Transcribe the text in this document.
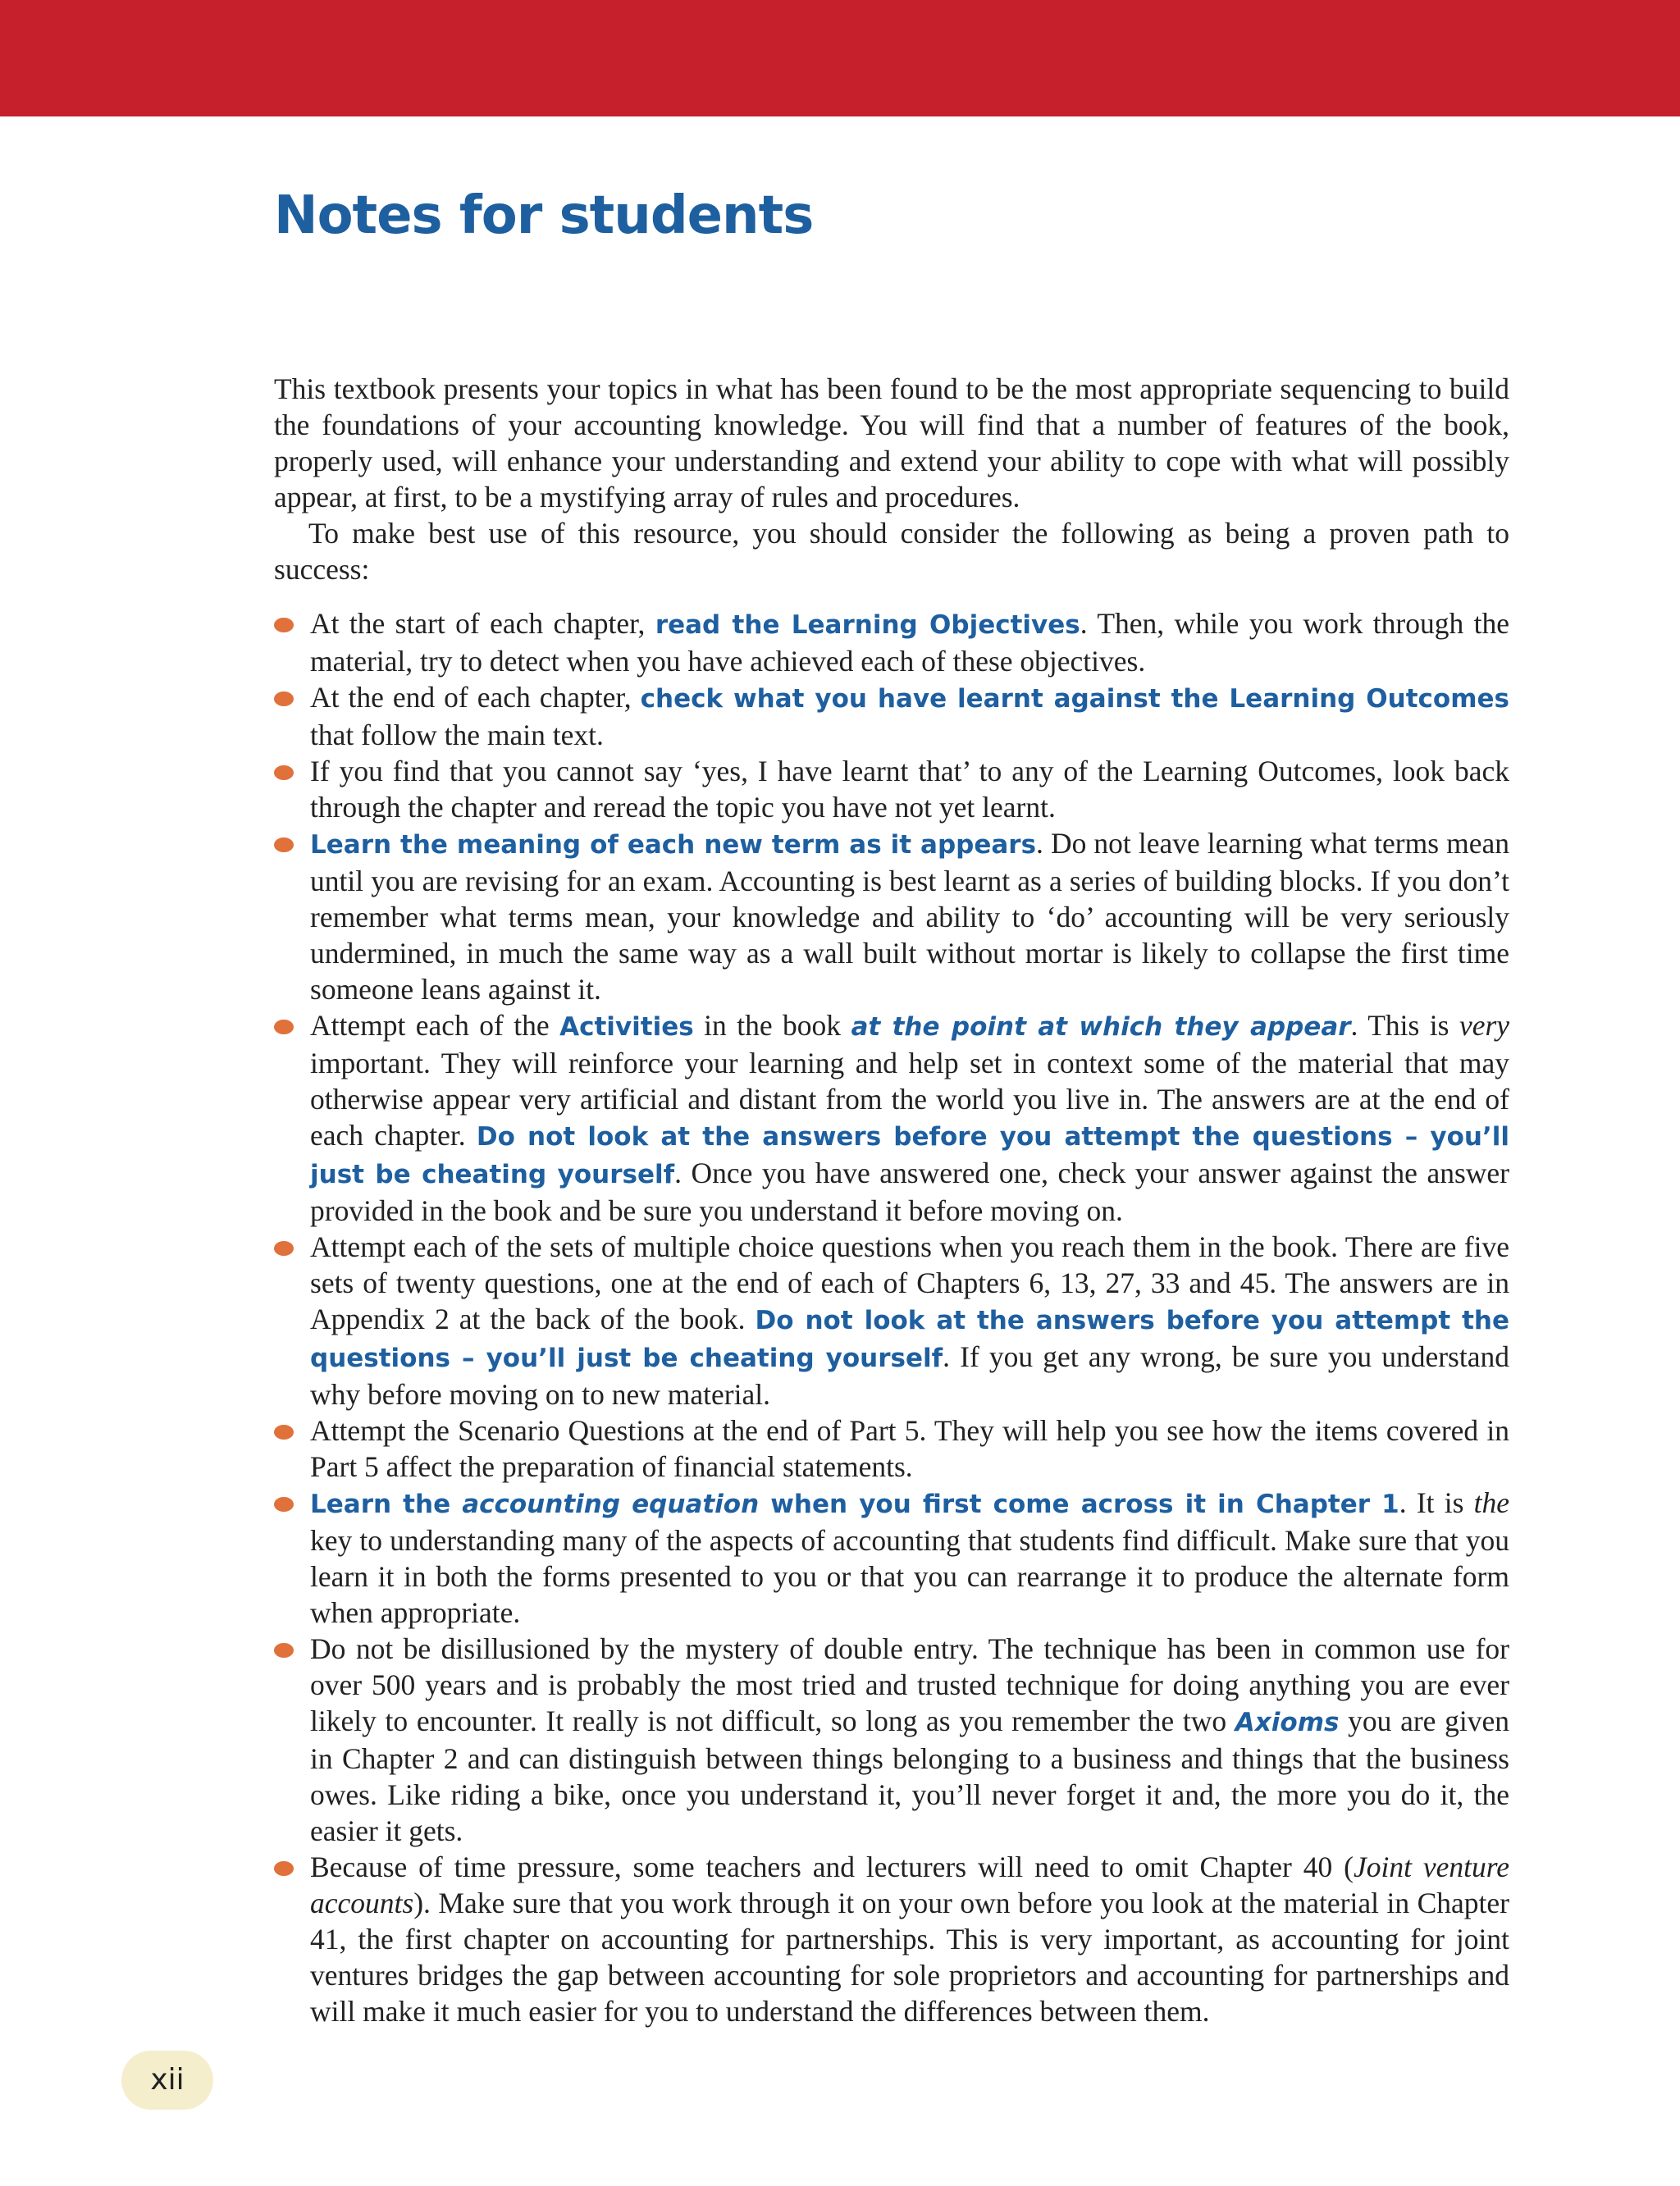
Notes for students

This textbook presents your topics in what has been found to be the most appropriate sequencing to build the foundations of your accounting knowledge. You will find that a number of features of the book, properly used, will enhance your understanding and extend your ability to cope with what will possibly appear, at first, to be a mystifying array of rules and procedures.

To make best use of this resource, you should consider the following as being a proven path to success:

At the start of each chapter, read the Learning Objectives. Then, while you work through the material, try to detect when you have achieved each of these objectives.
At the end of each chapter, check what you have learnt against the Learning Outcomes that follow the main text.
If you find that you cannot say ‘yes, I have learnt that’ to any of the Learning Outcomes, look back through the chapter and reread the topic you have not yet learnt.
Learn the meaning of each new term as it appears. Do not leave learning what terms mean until you are revising for an exam. Accounting is best learnt as a series of building blocks. If you don’t remember what terms mean, your knowledge and ability to ‘do’ accounting will be very seriously undermined, in much the same way as a wall built without mortar is likely to collapse the first time someone leans against it.
Attempt each of the Activities in the book at the point at which they appear. This is very important. They will reinforce your learning and help set in context some of the material that may otherwise appear very artificial and distant from the world you live in. The answers are at the end of each chapter. Do not look at the answers before you attempt the questions – you’ll just be cheating yourself. Once you have answered one, check your answer against the answer provided in the book and be sure you understand it before moving on.
Attempt each of the sets of multiple choice questions when you reach them in the book. There are five sets of twenty questions, one at the end of each of Chapters 6, 13, 27, 33 and 45. The answers are in Appendix 2 at the back of the book. Do not look at the answers before you attempt the questions – you’ll just be cheating yourself. If you get any wrong, be sure you understand why before moving on to new material.
Attempt the Scenario Questions at the end of Part 5. They will help you see how the items covered in Part 5 affect the preparation of financial statements.
Learn the accounting equation when you first come across it in Chapter 1. It is the key to understanding many of the aspects of accounting that students find difficult. Make sure that you learn it in both the forms presented to you or that you can rearrange it to produce the alternate form when appropriate.
Do not be disillusioned by the mystery of double entry. The technique has been in common use for over 500 years and is probably the most tried and trusted technique for doing anything you are ever likely to encounter. It really is not difficult, so long as you remember the two Axioms you are given in Chapter 2 and can distinguish between things belonging to a business and things that the business owes. Like riding a bike, once you understand it, you’ll never forget it and, the more you do it, the easier it gets.
Because of time pressure, some teachers and lecturers will need to omit Chapter 40 (Joint venture accounts). Make sure that you work through it on your own before you look at the material in Chapter 41, the first chapter on accounting for partnerships. This is very important, as accounting for joint ventures bridges the gap between accounting for sole proprietors and accounting for partnerships and will make it much easier for you to understand the differences between them.
xii
